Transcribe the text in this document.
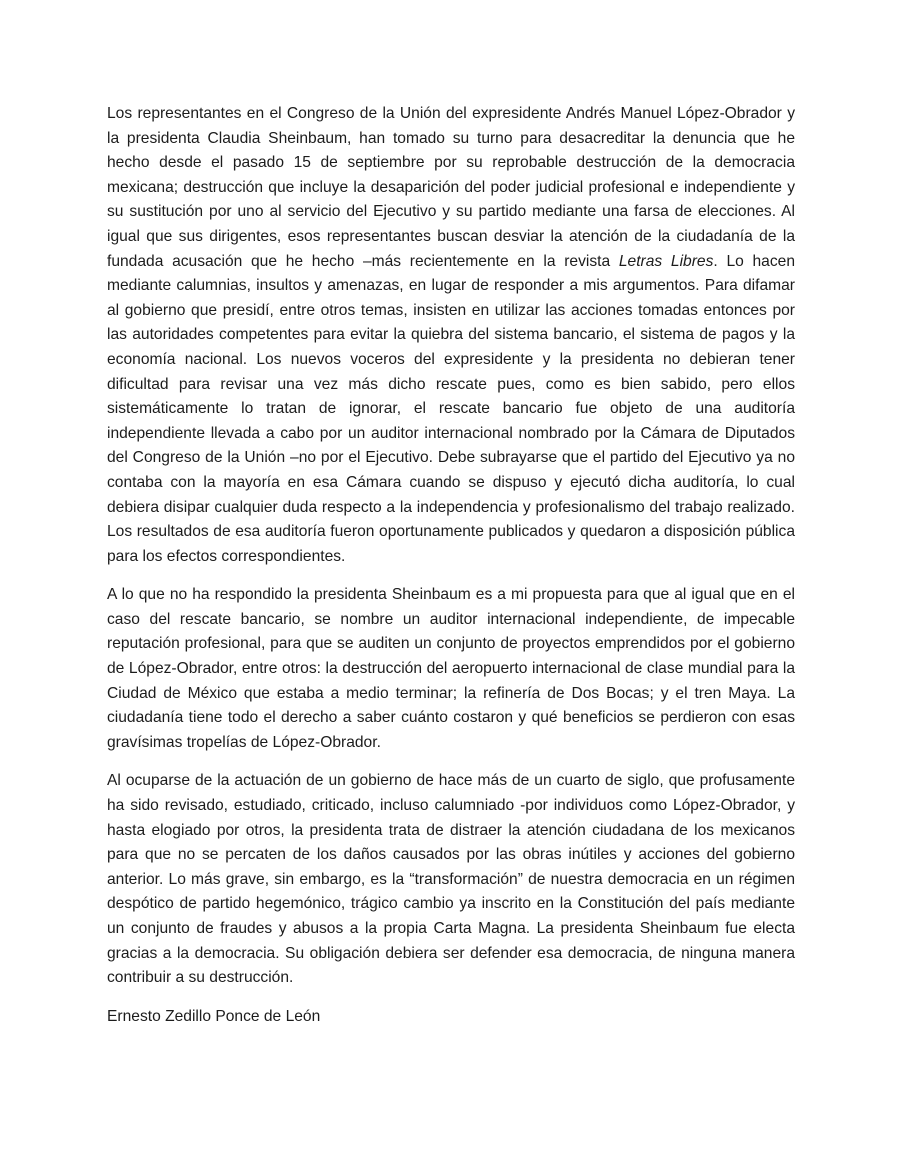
Los representantes en el Congreso de la Unión del expresidente Andrés Manuel López-Obrador y la presidenta Claudia Sheinbaum, han tomado su turno para desacreditar la denuncia que he hecho desde el pasado 15 de septiembre por su reprobable destrucción de la democracia mexicana; destrucción que incluye la desaparición del poder judicial profesional e independiente y su sustitución por uno al servicio del Ejecutivo y su partido mediante una farsa de elecciones. Al igual que sus dirigentes, esos representantes buscan desviar la atención de la ciudadanía de la fundada acusación que he hecho –más recientemente en la revista Letras Libres. Lo hacen mediante calumnias, insultos y amenazas, en lugar de responder a mis argumentos. Para difamar al gobierno que presidí, entre otros temas, insisten en utilizar las acciones tomadas entonces por las autoridades competentes para evitar la quiebra del sistema bancario, el sistema de pagos y la economía nacional. Los nuevos voceros del expresidente y la presidenta no debieran tener dificultad para revisar una vez más dicho rescate pues, como es bien sabido, pero ellos sistemáticamente lo tratan de ignorar, el rescate bancario fue objeto de una auditoría independiente llevada a cabo por un auditor internacional nombrado por la Cámara de Diputados del Congreso de la Unión –no por el Ejecutivo. Debe subrayarse que el partido del Ejecutivo ya no contaba con la mayoría en esa Cámara cuando se dispuso y ejecutó dicha auditoría, lo cual debiera disipar cualquier duda respecto a la independencia y profesionalismo del trabajo realizado. Los resultados de esa auditoría fueron oportunamente publicados y quedaron a disposición pública para los efectos correspondientes.

A lo que no ha respondido la presidenta Sheinbaum es a mi propuesta para que al igual que en el caso del rescate bancario, se nombre un auditor internacional independiente, de impecable reputación profesional, para que se auditen un conjunto de proyectos emprendidos por el gobierno de López-Obrador, entre otros: la destrucción del aeropuerto internacional de clase mundial para la Ciudad de México que estaba a medio terminar; la refinería de Dos Bocas; y el tren Maya. La ciudadanía tiene todo el derecho a saber cuánto costaron y qué beneficios se perdieron con esas gravísimas tropelías de López-Obrador.

Al ocuparse de la actuación de un gobierno de hace más de un cuarto de siglo, que profusamente ha sido revisado, estudiado, criticado, incluso calumniado -por individuos como López-Obrador, y hasta elogiado por otros, la presidenta trata de distraer la atención ciudadana de los mexicanos para que no se percaten de los daños causados por las obras inútiles y acciones del gobierno anterior. Lo más grave, sin embargo, es la “transformación” de nuestra democracia en un régimen despótico de partido hegemónico, trágico cambio ya inscrito en la Constitución del país mediante un conjunto de fraudes y abusos a la propia Carta Magna. La presidenta Sheinbaum fue electa gracias a la democracia. Su obligación debiera ser defender esa democracia, de ninguna manera contribuir a su destrucción.

Ernesto Zedillo Ponce de León
